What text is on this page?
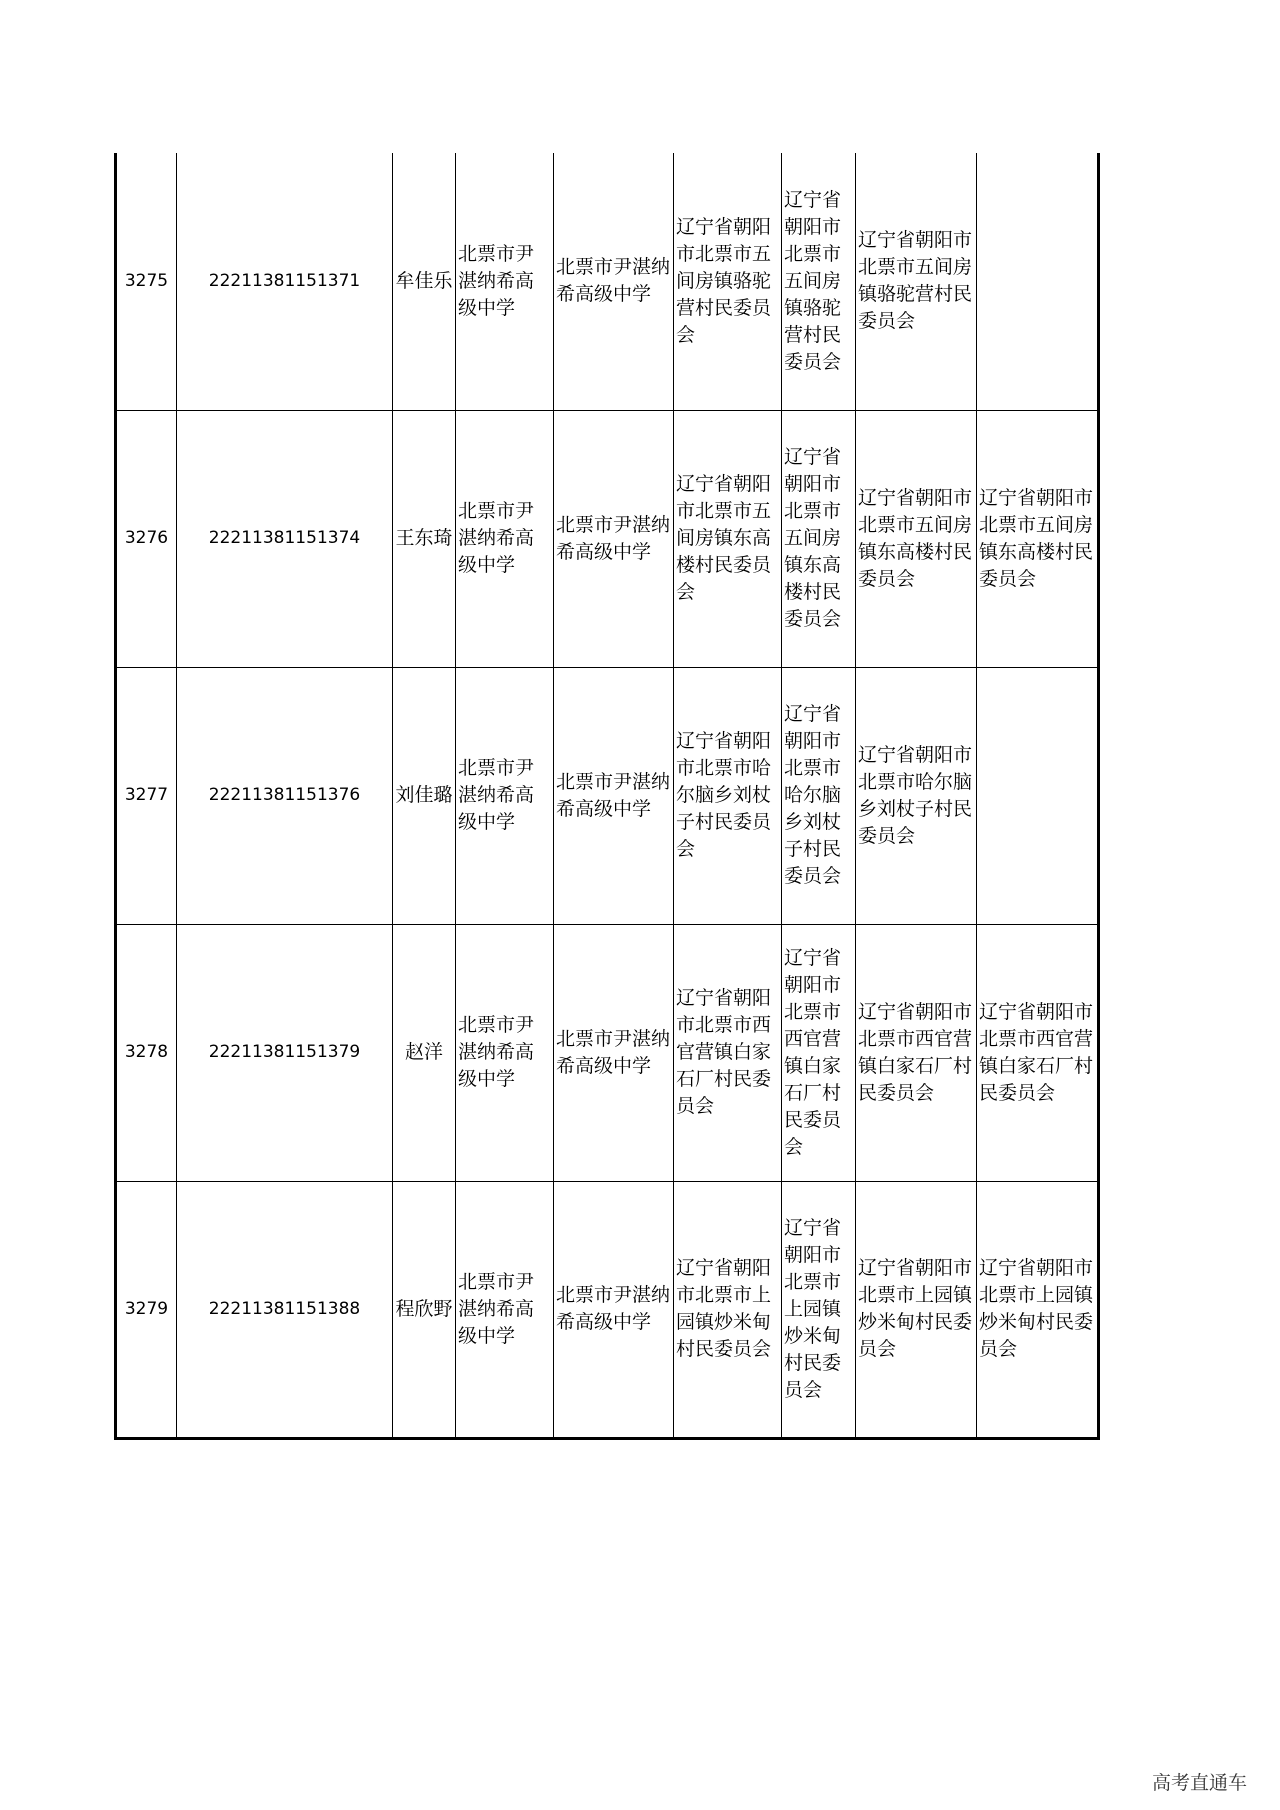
3275	22211381151371	牟佳乐	北票市尹湛纳希高级中学	北票市尹湛纳希高级中学	辽宁省朝阳市北票市五间房镇骆驼营村民委员会	辽宁省朝阳市北票市五间房镇骆驼营村民委员会	辽宁省朝阳市北票市五间房镇骆驼营村民委员会	
3276	22211381151374	王东琦	北票市尹湛纳希高级中学	北票市尹湛纳希高级中学	辽宁省朝阳市北票市五间房镇东高楼村民委员会	辽宁省朝阳市北票市五间房镇东高楼村民委员会	辽宁省朝阳市北票市五间房镇东高楼村民委员会	辽宁省朝阳市北票市五间房镇东高楼村民委员会
3277	22211381151376	刘佳璐	北票市尹湛纳希高级中学	北票市尹湛纳希高级中学	辽宁省朝阳市北票市哈尔脑乡刘杖子村民委员会	辽宁省朝阳市北票市哈尔脑乡刘杖子村民委员会	辽宁省朝阳市北票市哈尔脑乡刘杖子村民委员会	
3278	22211381151379	赵洋	北票市尹湛纳希高级中学	北票市尹湛纳希高级中学	辽宁省朝阳市北票市西官营镇白家石厂村民委员会	辽宁省朝阳市北票市西官营镇白家石厂村民委员会	辽宁省朝阳市北票市西官营镇白家石厂村民委员会	辽宁省朝阳市北票市西官营镇白家石厂村民委员会
3279	22211381151388	程欣野	北票市尹湛纳希高级中学	北票市尹湛纳希高级中学	辽宁省朝阳市北票市上园镇炒米甸村民委员会	辽宁省朝阳市北票市上园镇炒米甸村民委员会	辽宁省朝阳市北票市上园镇炒米甸村民委员会	辽宁省朝阳市北票市上园镇炒米甸村民委员会
高考直通车
